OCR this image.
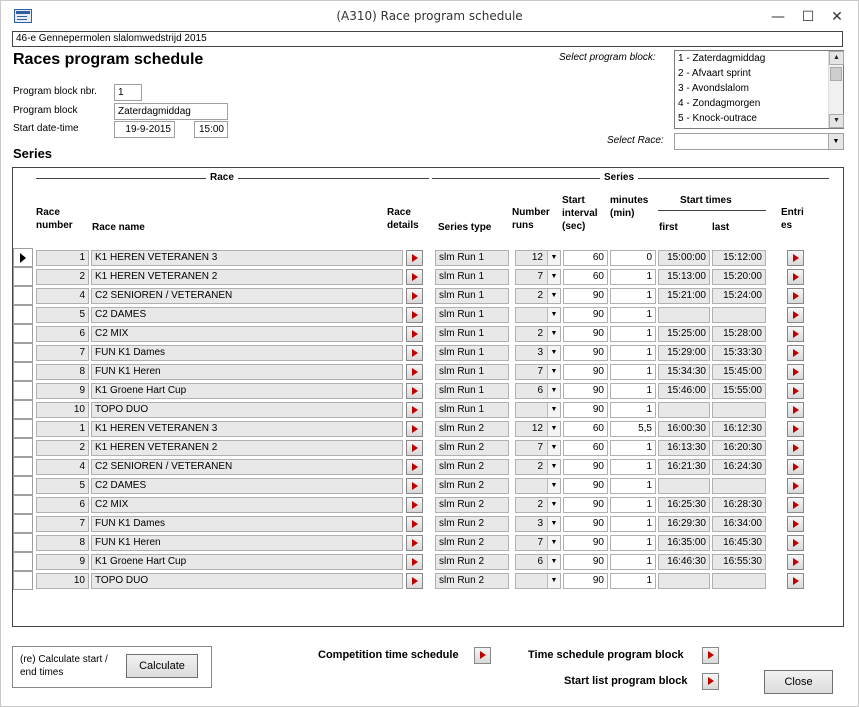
(A310) Race program schedule	—	☐	✕
46-e Gennepermolen slalomwedstrijd 2015
Races program schedule
Program block nbr.	1
Program block	Zaterdagmiddag
Start date-time	19-9-2015	15:00
Select program block:	1 - Zaterdagmiddag
2 - Afvaart sprint
3 - Avondslalom
4 - Zondagmorgen
5 - Knock-outrace
▲
▼
Select Race:	▼
Series
Race	Series
Race number	Race name
Race details	Series type
Number runs
Start interval (sec)
minutes (min)
Start times
first	last
Entri es
1	K1 HEREN VETERANEN 3	slm Run 1	12	▼	60	0	15:00:00	15:12:00
2	K1 HEREN VETERANEN 2	slm Run 1	7	▼	60	1	15:13:00	15:20:00
4	C2 SENIOREN / VETERANEN	slm Run 1	2	▼	90	1	15:21:00	15:24:00
5	C2 DAMES	slm Run 1	▼	90	1
6	C2 MIX	slm Run 1	2	▼	90	1	15:25:00	15:28:00
7	FUN K1 Dames	slm Run 1	3	▼	90	1	15:29:00	15:33:30
8	FUN K1 Heren	slm Run 1	7	▼	90	1	15:34:30	15:45:00
9	K1 Groene Hart Cup	slm Run 1	6	▼	90	1	15:46:00	15:55:00
10	TOPO DUO	slm Run 1	▼	90	1
1	K1 HEREN VETERANEN 3	slm Run 2	12	▼	60	5,5	16:00:30	16:12:30
2	K1 HEREN VETERANEN 2	slm Run 2	7	▼	60	1	16:13:30	16:20:30
4	C2 SENIOREN / VETERANEN	slm Run 2	2	▼	90	1	16:21:30	16:24:30
5	C2 DAMES	slm Run 2	▼	90	1
6	C2 MIX	slm Run 2	2	▼	90	1	16:25:30	16:28:30
7	FUN K1 Dames	slm Run 2	3	▼	90	1	16:29:30	16:34:00
8	FUN K1 Heren	slm Run 2	7	▼	90	1	16:35:00	16:45:30
9	K1 Groene Hart Cup	slm Run 2	6	▼	90	1	16:46:30	16:55:30
10	TOPO DUO	slm Run 2	▼	90	1
(re) Calculate start / end times
Calculate
Competition time schedule	Time schedule program block
Start list program block	Close
